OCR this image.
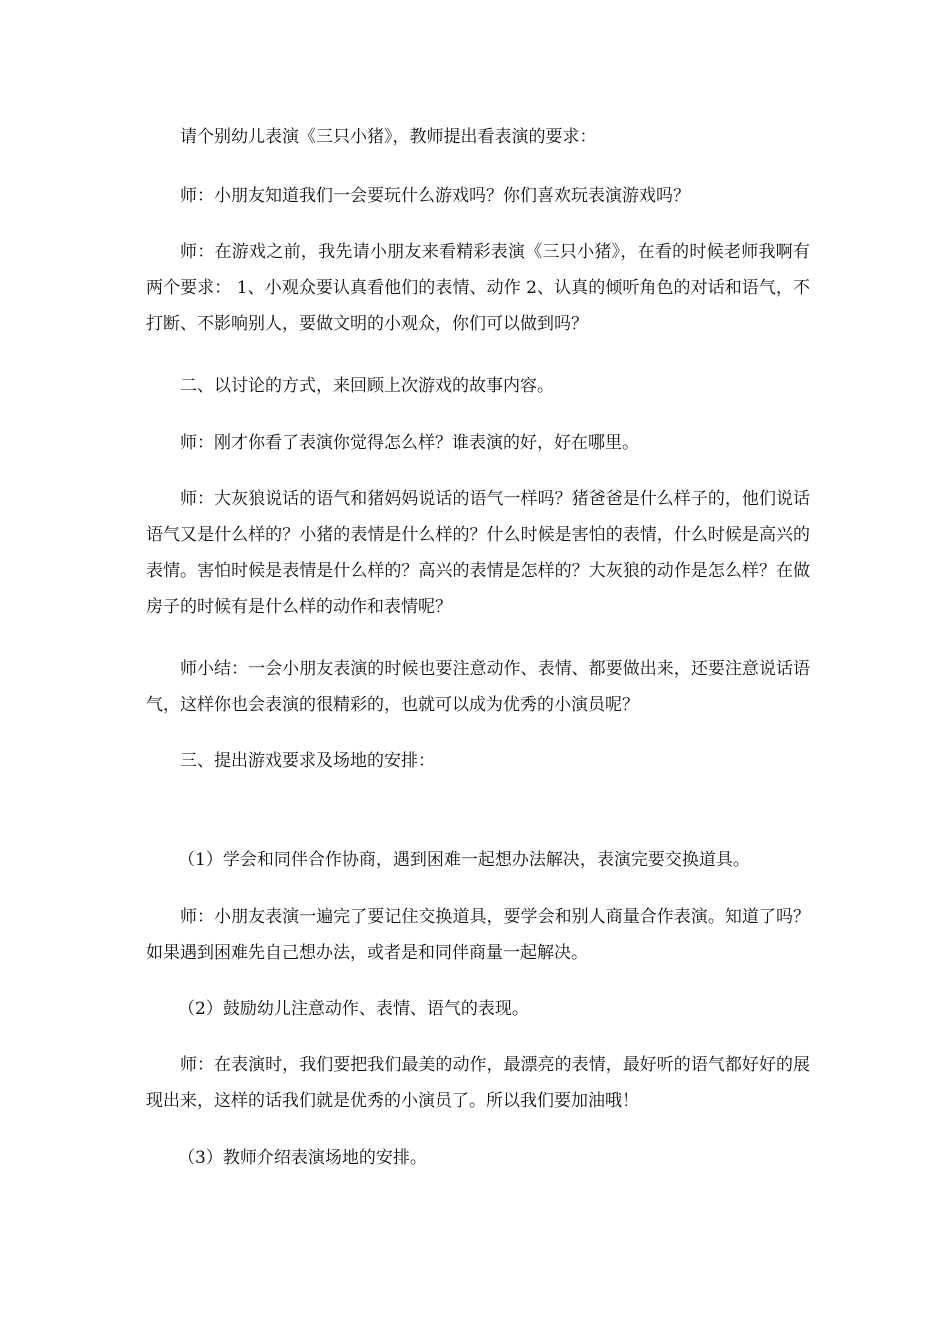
请个别幼儿表演《三只小猪》，教师提出看表演的要求：

师：小朋友知道我们一会要玩什么游戏吗？你们喜欢玩表演游戏吗？

师：在游戏之前，我先请小朋友来看精彩表演《三只小猪》，在看的时候老师我啊有两个要求： 1、小观众要认真看他们的表情、动作 2、认真的倾听角色的对话和语气，不打断、不影响别人，要做文明的小观众，你们可以做到吗？

二、以讨论的方式，来回顾上次游戏的故事内容。

师：刚才你看了表演你觉得怎么样？谁表演的好，好在哪里。

师：大灰狼说话的语气和猪妈妈说话的语气一样吗？猪爸爸是什么样子的，他们说话语气又是什么样的？小猪的表情是什么样的？什么时候是害怕的表情，什么时候是高兴的表情。害怕时候是表情是什么样的？高兴的表情是怎样的？大灰狼的动作是怎么样？在做房子的时候有是什么样的动作和表情呢？

师小结：一会小朋友表演的时候也要注意动作、表情、都要做出来，还要注意说话语气，这样你也会表演的很精彩的，也就可以成为优秀的小演员呢？

三、提出游戏要求及场地的安排：

（1）学会和同伴合作协商，遇到困难一起想办法解决，表演完要交换道具。

师：小朋友表演一遍完了要记住交换道具，要学会和别人商量合作表演。知道了吗？如果遇到困难先自己想办法，或者是和同伴商量一起解决。

（2）鼓励幼儿注意动作、表情、语气的表现。

师：在表演时，我们要把我们最美的动作，最漂亮的表情，最好听的语气都好好的展现出来，这样的话我们就是优秀的小演员了。所以我们要加油哦！

（3）教师介绍表演场地的安排。
